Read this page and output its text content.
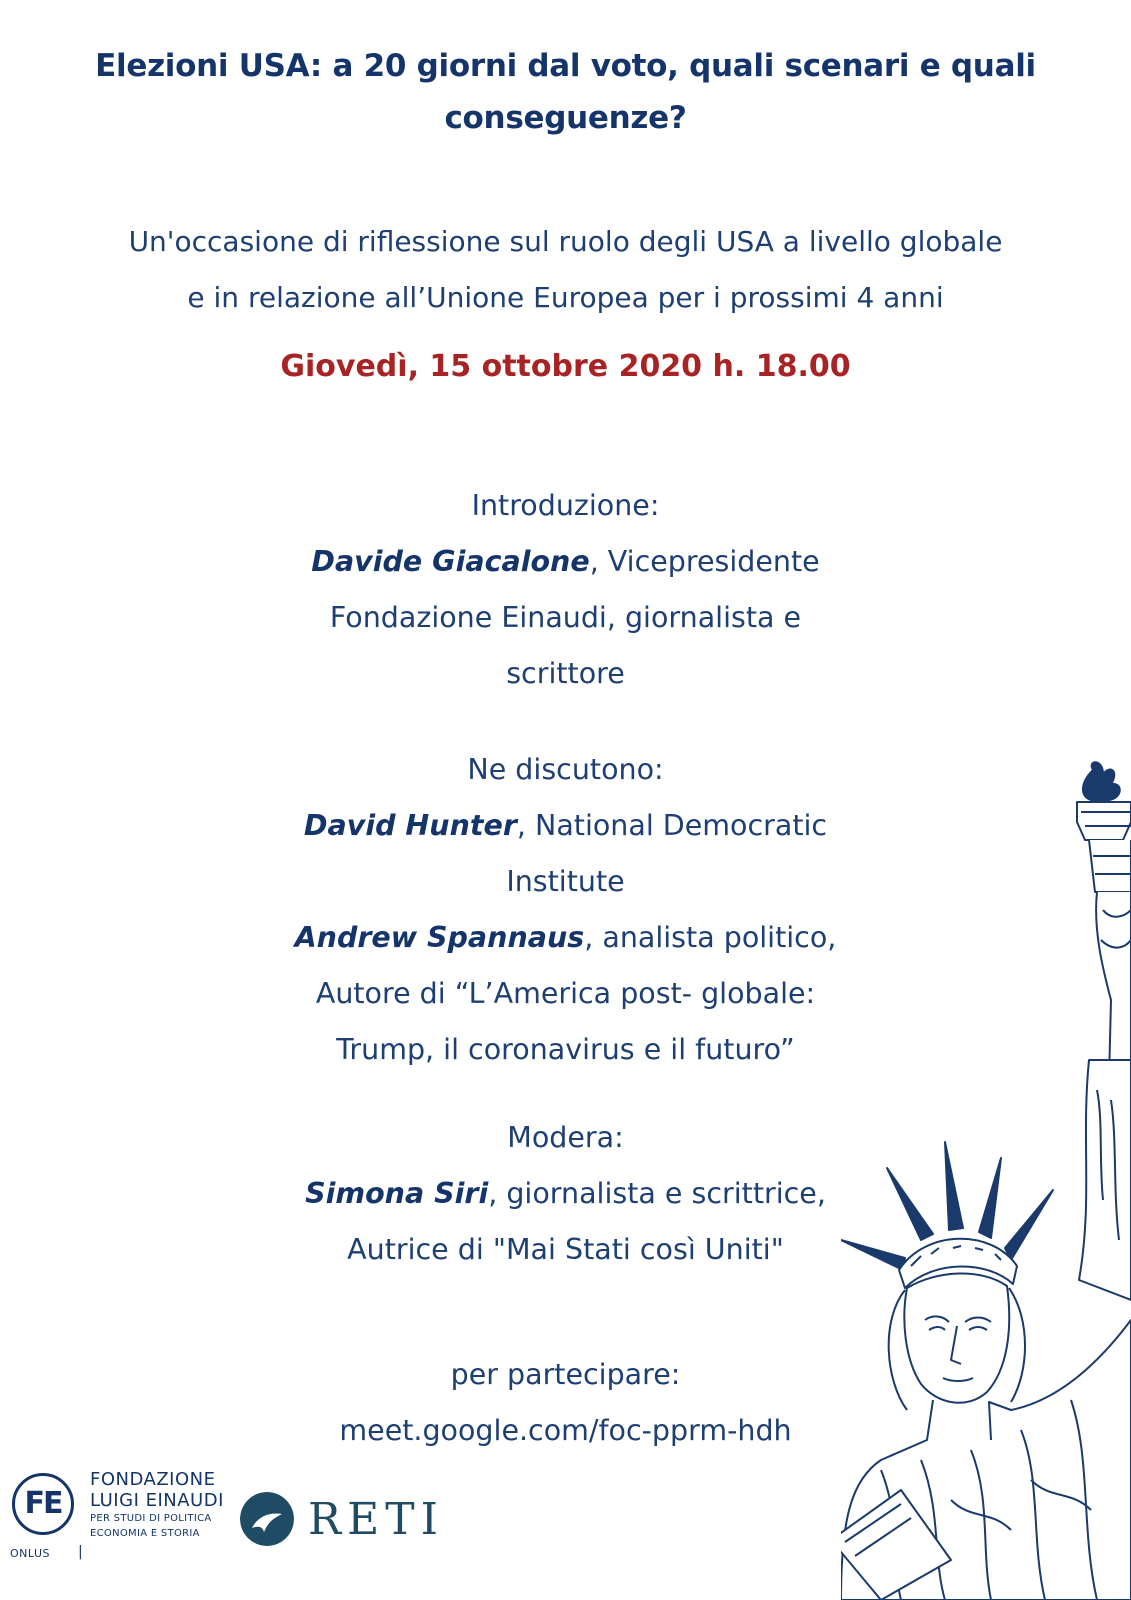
Elezioni USA: a 20 giorni dal voto, quali scenari e quali
conseguenze?
Un'occasione di riflessione sul ruolo degli USA a livello globale
e in relazione all’Unione Europea per i prossimi 4 anni
Giovedì, 15 ottobre 2020 h. 18.00
Introduzione:
Davide Giacalone, Vicepresidente
Fondazione Einaudi, giornalista e
scrittore
Ne discutono:
David Hunter, National Democratic
Institute
Andrew Spannaus, analista politico,
Autore di “L’America post- globale:
Trump, il coronavirus e il futuro”
Modera:
Simona Siri, giornalista e scrittrice,
Autrice di "Mai Stati così Uniti"
per partecipare:
meet.google.com/foc-pprm-hdh
FE
FONDAZIONE
LUIGI EINAUDI
PER STUDI DI POLITICA
ECONOMIA E STORIA
ONLUS |
RETI
